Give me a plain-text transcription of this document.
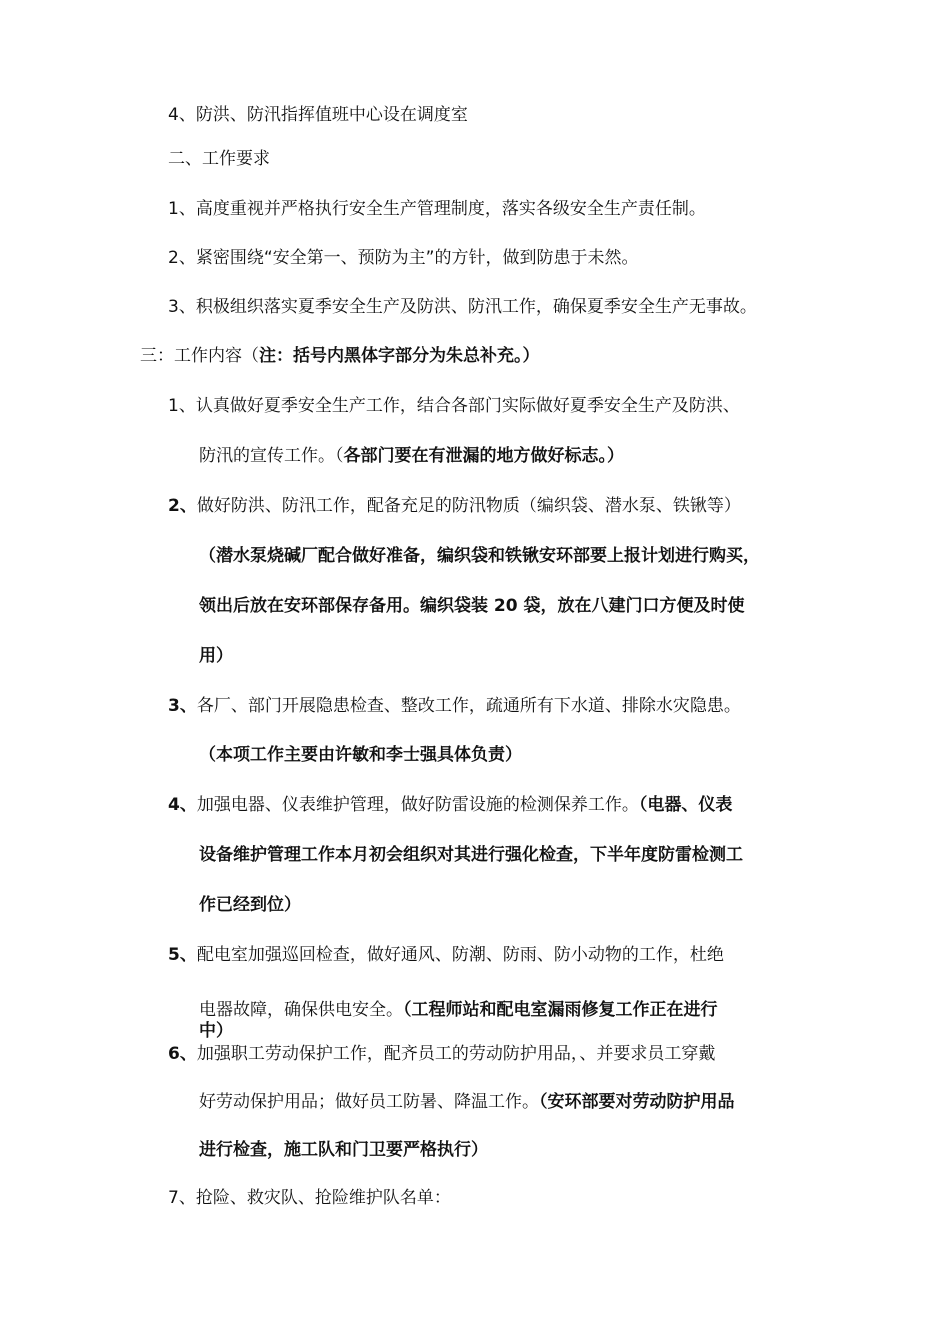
4、防洪、防汛指挥值班中心设在调度室
二、工作要求
1、高度重视并严格执行安全生产管理制度，落实各级安全生产责任制。
2、紧密围绕“安全第一、预防为主”的方针，做到防患于未然。
3、积极组织落实夏季安全生产及防洪、防汛工作，确保夏季安全生产无事故。
三：工作内容（注：括号内黑体字部分为朱总补充。）
1、认真做好夏季安全生产工作，结合各部门实际做好夏季安全生产及防洪、
防汛的宣传工作。（各部门要在有泄漏的地方做好标志。）
2、做好防洪、防汛工作，配备充足的防汛物质（编织袋、潜水泵、铁锹等）
（潜水泵烧碱厂配合做好准备，编织袋和铁锹安环部要上报计划进行购买，
领出后放在安环部保存备用。编织袋装 20 袋，放在八建门口方便及时使
用）
3、各厂、部门开展隐患检查、整改工作，疏通所有下水道、排除水灾隐患。
（本项工作主要由许敏和李士强具体负责）
4、加强电器、仪表维护管理，做好防雷设施的检测保养工作。（电器、仪表
设备维护管理工作本月初会组织对其进行强化检查，下半年度防雷检测工
作已经到位）
5、配电室加强巡回检查，做好通风、防潮、防雨、防小动物的工作，杜绝
电器故障，确保供电安全。（工程师站和配电室漏雨修复工作正在进行
中）
6、加强职工劳动保护工作，配齐员工的劳动防护用品，、并要求员工穿戴
好劳动保护用品；做好员工防暑、降温工作。（安环部要对劳动防护用品
进行检查，施工队和门卫要严格执行）
7、抢险、救灾队、抢险维护队名单：
